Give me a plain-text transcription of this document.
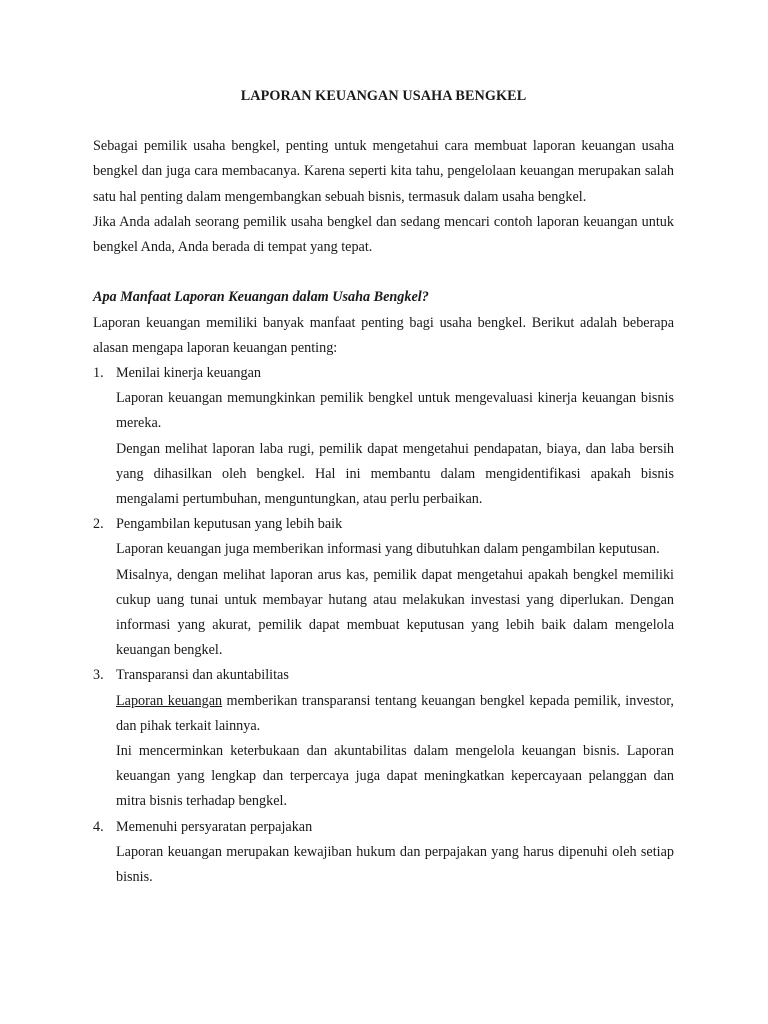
LAPORAN KEUANGAN USAHA BENGKEL

Sebagai pemilik usaha bengkel, penting untuk mengetahui cara membuat laporan keuangan usaha bengkel dan juga cara membacanya. Karena seperti kita tahu, pengelolaan keuangan merupakan salah satu hal penting dalam mengembangkan sebuah bisnis, termasuk dalam usaha bengkel.

Jika Anda adalah seorang pemilik usaha bengkel dan sedang mencari contoh laporan keuangan untuk bengkel Anda, Anda berada di tempat yang tepat.

Apa Manfaat Laporan Keuangan dalam Usaha Bengkel?

Laporan keuangan memiliki banyak manfaat penting bagi usaha bengkel. Berikut adalah beberapa alasan mengapa laporan keuangan penting:

1. Menilai kinerja keuangan

Laporan keuangan memungkinkan pemilik bengkel untuk mengevaluasi kinerja keuangan bisnis mereka.

Dengan melihat laporan laba rugi, pemilik dapat mengetahui pendapatan, biaya, dan laba bersih yang dihasilkan oleh bengkel. Hal ini membantu dalam mengidentifikasi apakah bisnis mengalami pertumbuhan, menguntungkan, atau perlu perbaikan.

2. Pengambilan keputusan yang lebih baik

Laporan keuangan juga memberikan informasi yang dibutuhkan dalam pengambilan keputusan.

Misalnya, dengan melihat laporan arus kas, pemilik dapat mengetahui apakah bengkel memiliki cukup uang tunai untuk membayar hutang atau melakukan investasi yang diperlukan. Dengan informasi yang akurat, pemilik dapat membuat keputusan yang lebih baik dalam mengelola keuangan bengkel.

3. Transparansi dan akuntabilitas

Laporan keuangan memberikan transparansi tentang keuangan bengkel kepada pemilik, investor, dan pihak terkait lainnya.

Ini mencerminkan keterbukaan dan akuntabilitas dalam mengelola keuangan bisnis. Laporan keuangan yang lengkap dan terpercaya juga dapat meningkatkan kepercayaan pelanggan dan mitra bisnis terhadap bengkel.

4. Memenuhi persyaratan perpajakan

Laporan keuangan merupakan kewajiban hukum dan perpajakan yang harus dipenuhi oleh setiap bisnis.
